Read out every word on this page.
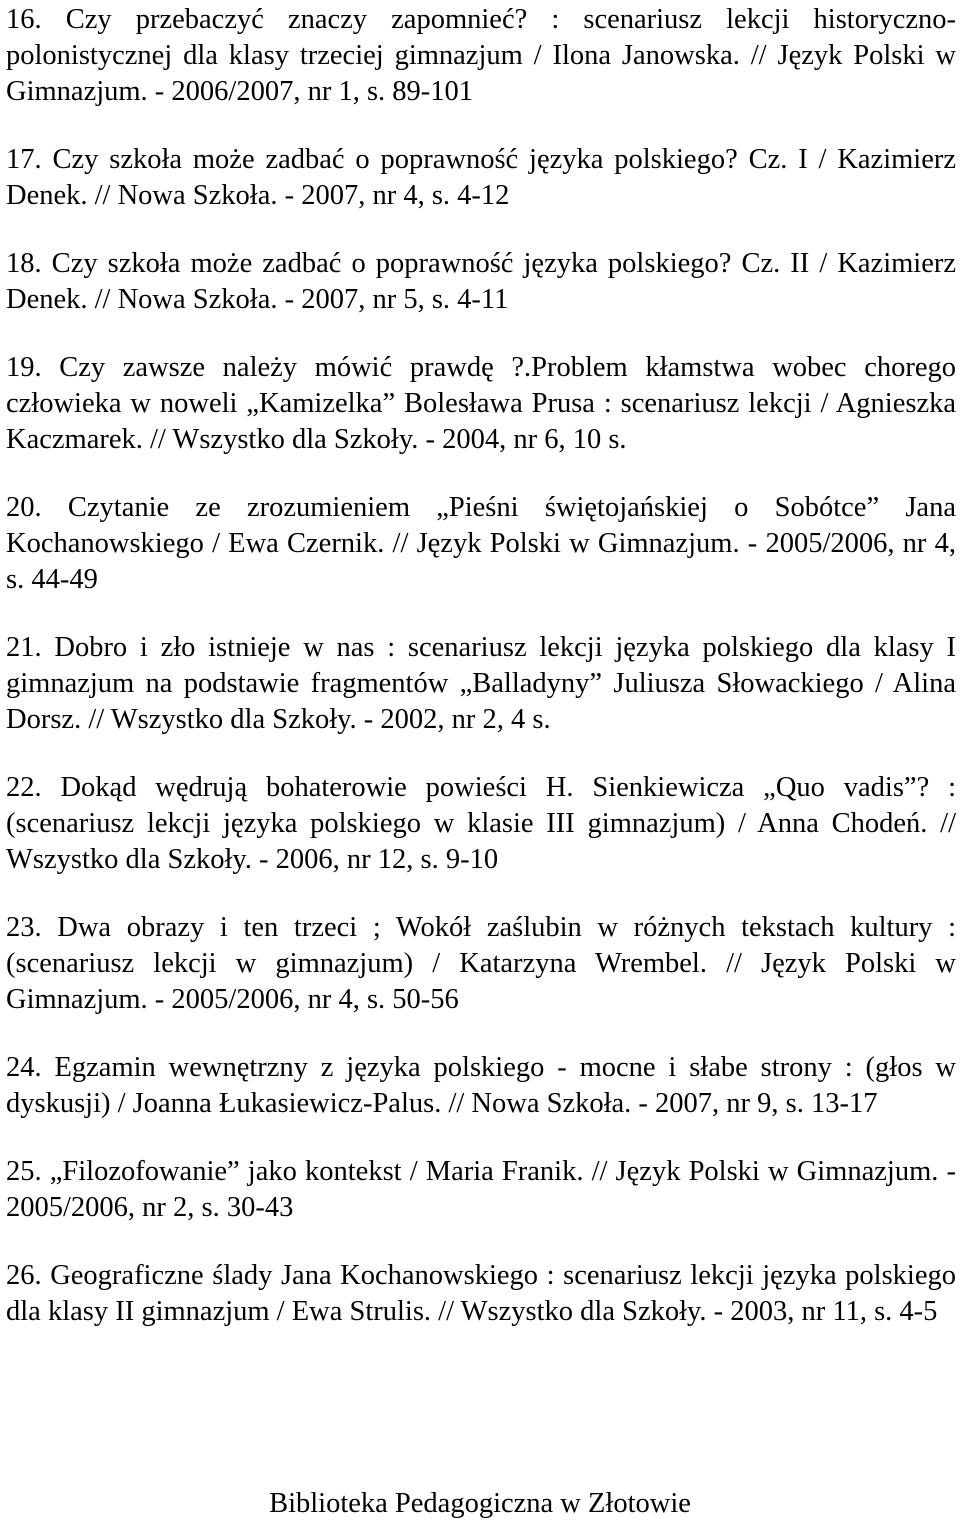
16. Czy przebaczyć znaczy zapomnieć? : scenariusz lekcji historyczno-polonistycznej dla klasy trzeciej gimnazjum / Ilona Janowska. // Język Polski w Gimnazjum. - 2006/2007, nr 1, s. 89-101

17. Czy szkoła może zadbać o poprawność języka polskiego? Cz. I / Kazimierz Denek. // Nowa Szkoła. - 2007, nr 4, s. 4-12

18. Czy szkoła może zadbać o poprawność języka polskiego? Cz. II / Kazimierz Denek. // Nowa Szkoła. - 2007, nr 5, s. 4-11

19. Czy zawsze należy mówić prawdę ?.Problem kłamstwa wobec chorego człowieka w noweli „Kamizelka” Bolesława Prusa : scenariusz lekcji / Agnieszka Kaczmarek. // Wszystko dla Szkoły. - 2004, nr 6, 10 s.

20. Czytanie ze zrozumieniem „Pieśni świętojańskiej o Sobótce” Jana Kochanowskiego / Ewa Czernik. // Język Polski w Gimnazjum. - 2005/2006, nr 4, s. 44-49

21. Dobro i zło istnieje w nas : scenariusz lekcji języka polskiego dla klasy I gimnazjum na podstawie fragmentów „Balladyny” Juliusza Słowackiego / Alina Dorsz. // Wszystko dla Szkoły. - 2002, nr 2, 4 s.

22. Dokąd wędrują bohaterowie powieści H. Sienkiewicza „Quo vadis”? : (scenariusz lekcji języka polskiego w klasie III gimnazjum) / Anna Chodeń. // Wszystko dla Szkoły. - 2006, nr 12, s. 9-10

23. Dwa obrazy i ten trzeci ; Wokół zaślubin w różnych tekstach kultury : (scenariusz lekcji w gimnazjum) / Katarzyna Wrembel. // Język Polski w Gimnazjum. - 2005/2006, nr 4, s. 50-56

24. Egzamin wewnętrzny z języka polskiego - mocne i słabe strony : (głos w dyskusji) / Joanna Łukasiewicz-Palus. // Nowa Szkoła. - 2007, nr 9, s. 13-17

25. „Filozofowanie” jako kontekst / Maria Franik. // Język Polski w Gimnazjum. - 2005/2006, nr 2, s. 30-43

26. Geograficzne ślady Jana Kochanowskiego : scenariusz lekcji języka polskiego dla klasy II gimnazjum / Ewa Strulis. // Wszystko dla Szkoły. - 2003, nr 11, s. 4-5

Biblioteka Pedagogiczna w Złotowie
